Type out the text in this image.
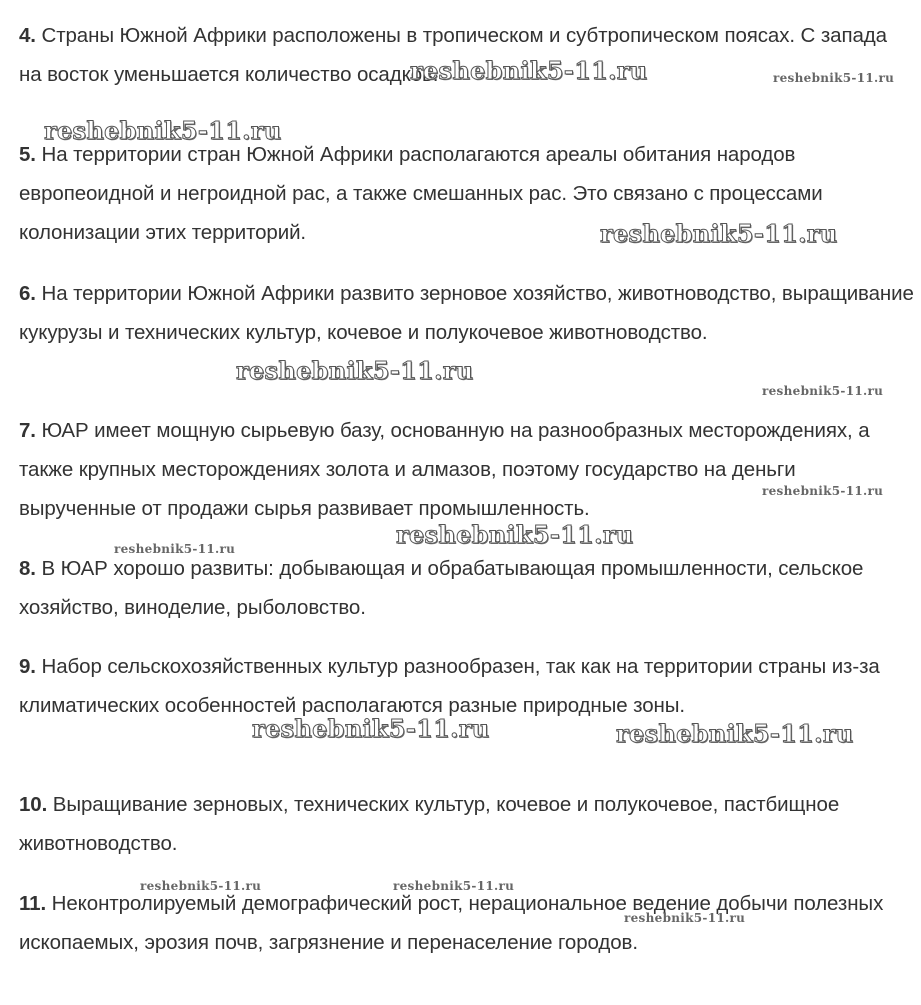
4. Страны Южной Африки расположены в тропическом и субтропическом поясах. С запада на восток уменьшается количество осадков.

5. На территории стран Южной Африки располагаются ареалы обитания народов европеоидной и негроидной рас, а также смешанных рас. Это связано с процессами колонизации этих территорий.

6. На территории Южной Африки развито зерновое хозяйство, животноводство, выращивание кукурузы и технических культур, кочевое и полукочевое животноводство.

7. ЮАР имеет мощную сырьевую базу, основанную на разнообразных месторождениях, а также крупных месторождениях золота и алмазов, поэтому государство на деньги вырученные от продажи сырья развивает промышленность.

8. В ЮАР хорошо развиты: добывающая и обрабатывающая промышленности, сельское хозяйство, виноделие, рыболовство.

9. Набор сельскохозяйственных культур разнообразен, так как на территории страны из-за климатических особенностей располагаются разные природные зоны.

10. Выращивание зерновых, технических культур, кочевое и полукочевое, пастбищное животноводство.

11. Неконтролируемый демографический рост, нерациональное ведение добычи полезных ископаемых, эрозия почв, загрязнение и перенаселение городов.

reshebnik5-11.ru	reshebnik5-11.ru
reshebnik5-11.ru
reshebnik5-11.ru
reshebnik5-11.ru
reshebnik5-11.ru
reshebnik5-11.ru
reshebnik5-11.ru
reshebnik5-11.ru
reshebnik5-11.ru	reshebnik5-11.ru
reshebnik5-11.ru	reshebnik5-11.ru
reshebnik5-11.ru
